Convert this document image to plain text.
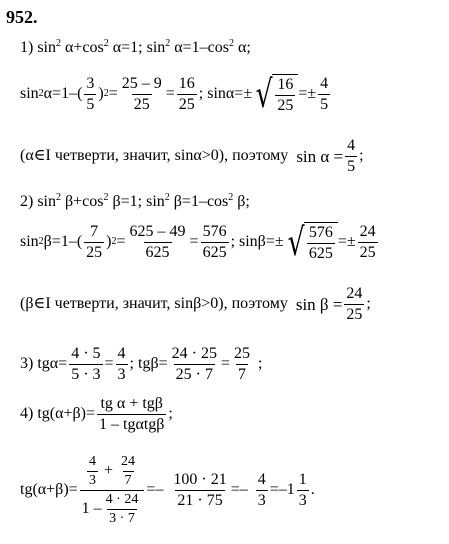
952.
1) $\sin^2 \alpha+\cos^2$ α=1; $\sin^2 \alpha=1-\cos^2$ α;
sin 2 $\alpha=1-( \frac{3}{5}$ ) $2 = \frac{25 - 9}{25} = \frac{16}{25}$ ; sinα=± √ $\frac{16}{25} =\pm \frac{4}{5}$
(α∈I четверти, значит, sinα>0), поэтому $\sin \alpha = \frac{4}{5}$ ;
2) $\sin^2 \beta+\cos^2$ β=1; $\sin^2 \beta=1-\cos^2$ β;
sin 2 $\beta=1-( \frac{7}{25}$ ) $2 = \frac{625 - 49}{625} = \frac{576}{625}$ ; sinβ=± √ $\frac{576}{625} =\pm \frac{24}{25}$
(β∈I четверти, значит, sinβ>0), поэтому $\sin \beta = \frac{24}{25}$ ;
3) $tg\alpha= \frac{4 \cdot 5}{5 \cdot 3} = \frac{4}{3}$ ; $tg\beta= \frac{24 \cdot 25}{25 \cdot 7} = \frac{25}{7}$ ;
4) $tg(\alpha+\beta)= \frac{\text{tg α + tgβ}}{\text{1 – tgαtgβ}}$ ;
$tg(\alpha+\beta)= \frac{\frac{4}{3} + \frac{24}{7}}{1 - \frac{4 \cdot 24}{3 \cdot 7}} =- \frac{100 \cdot 21}{21 \cdot 75} =- \frac{4}{3} =-1 \frac{1}{3}$ .
